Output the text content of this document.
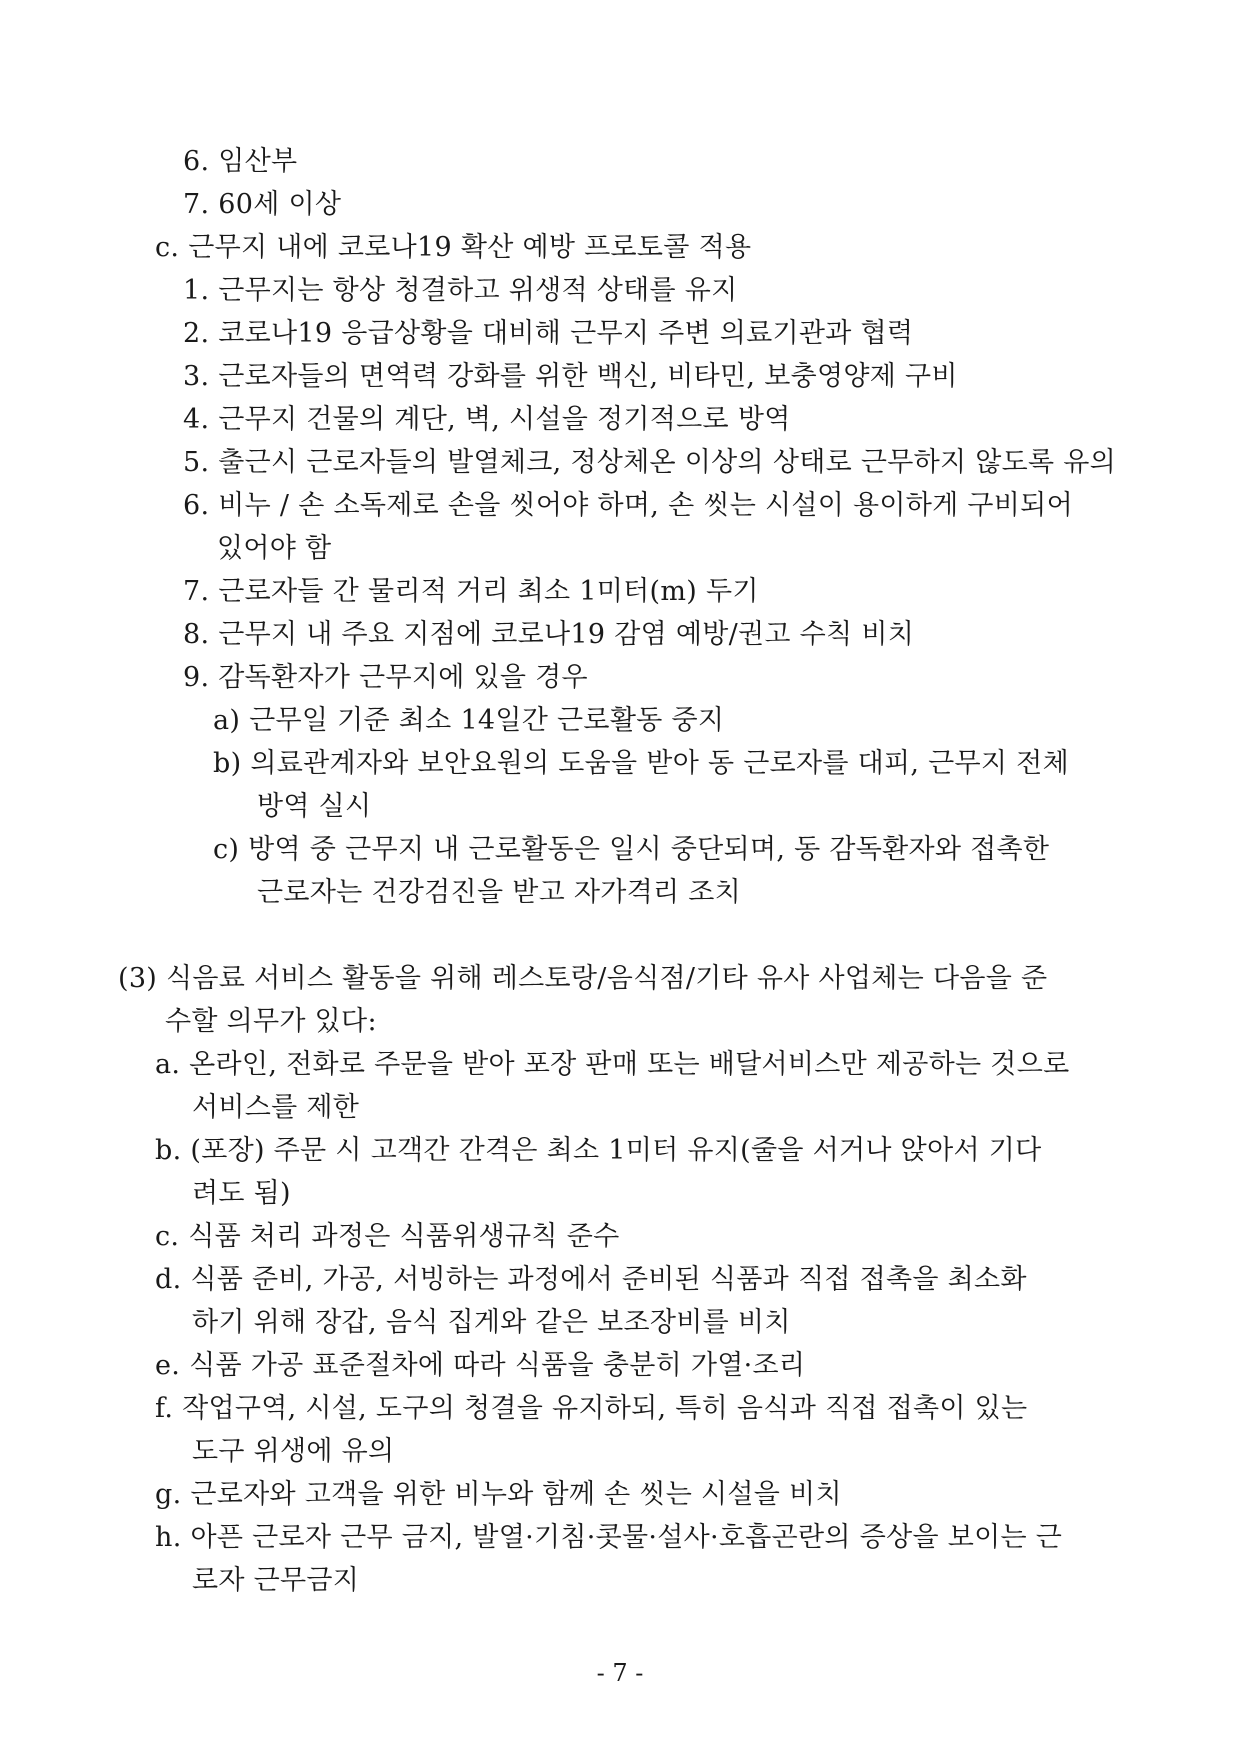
6. 임산부
7. 60세 이상
c. 근무지 내에 코로나19 확산 예방 프로토콜 적용
1. 근무지는 항상 청결하고 위생적 상태를 유지
2. 코로나19 응급상황을 대비해 근무지 주변 의료기관과 협력
3. 근로자들의 면역력 강화를 위한 백신, 비타민, 보충영양제 구비
4. 근무지 건물의 계단, 벽, 시설을 정기적으로 방역
5. 출근시 근로자들의 발열체크, 정상체온 이상의 상태로 근무하지 않도록 유의
6. 비누 / 손 소독제로 손을 씻어야 하며, 손 씻는 시설이 용이하게 구비되어
있어야 함
7. 근로자들 간 물리적 거리 최소 1미터(m) 두기
8. 근무지 내 주요 지점에 코로나19 감염 예방/권고 수칙 비치
9. 감독환자가 근무지에 있을 경우
a) 근무일 기준 최소 14일간 근로활동 중지
b) 의료관계자와 보안요원의 도움을 받아 동 근로자를 대피, 근무지 전체
방역 실시
c) 방역 중 근무지 내 근로활동은 일시 중단되며, 동 감독환자와 접촉한
근로자는 건강검진을 받고 자가격리 조치
(3) 식음료 서비스 활동을 위해 레스토랑/음식점/기타 유사 사업체는 다음을 준
수할 의무가 있다:
a. 온라인, 전화로 주문을 받아 포장 판매 또는 배달서비스만 제공하는 것으로
서비스를 제한
b. (포장) 주문 시 고객간 간격은 최소 1미터 유지(줄을 서거나 앉아서 기다
려도 됨)
c. 식품 처리 과정은 식품위생규칙 준수
d. 식품 준비, 가공, 서빙하는 과정에서 준비된 식품과 직접 접촉을 최소화
하기 위해 장갑, 음식 집게와 같은 보조장비를 비치
e. 식품 가공 표준절차에 따라 식품을 충분히 가열·조리
f. 작업구역, 시설, 도구의 청결을 유지하되, 특히 음식과 직접 접촉이 있는
도구 위생에 유의
g. 근로자와 고객을 위한 비누와 함께 손 씻는 시설을 비치
h. 아픈 근로자 근무 금지, 발열·기침·콧물·설사·호흡곤란의 증상을 보이는 근
로자 근무금지
- 7 -
